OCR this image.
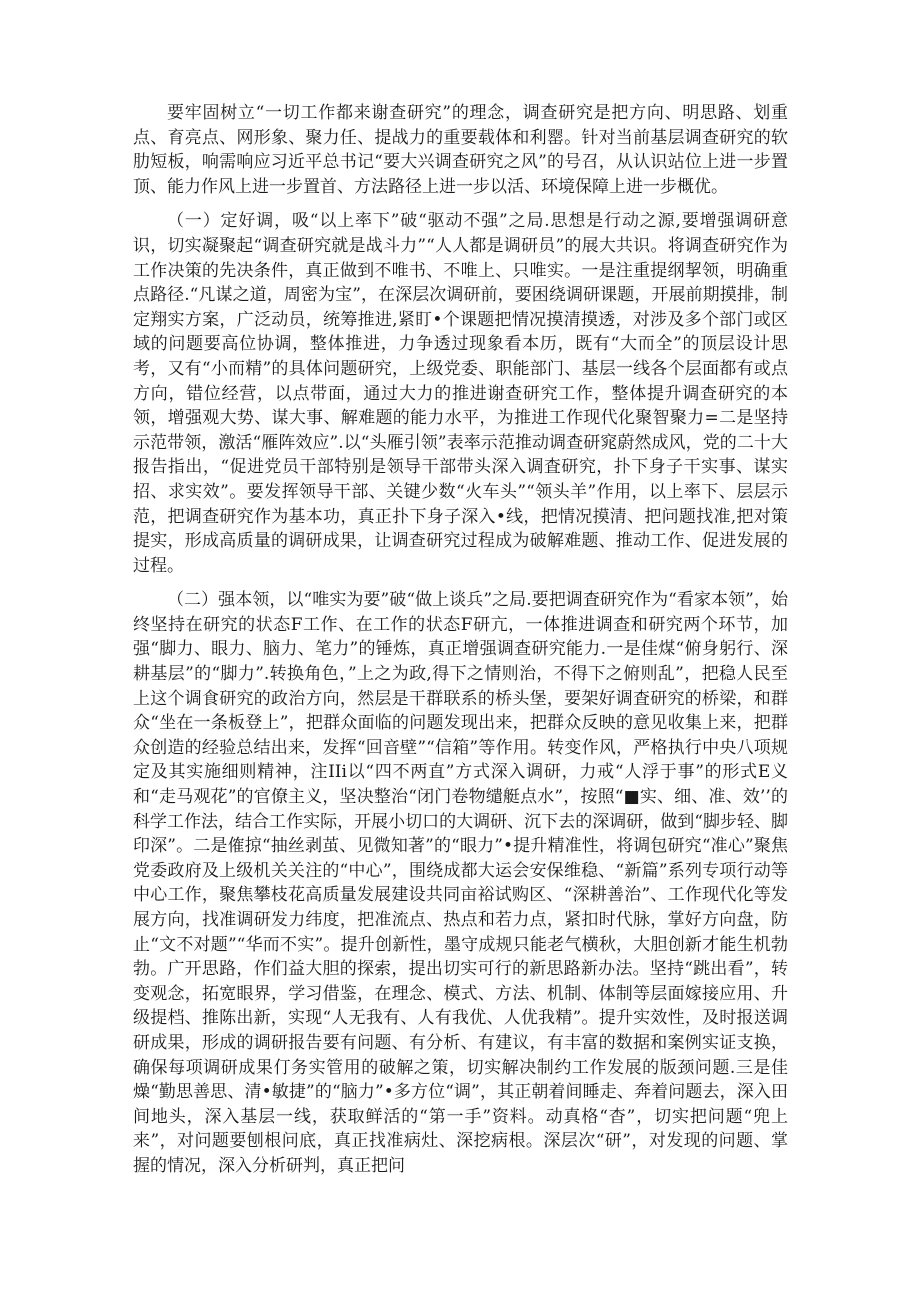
要牢固树立“一切工作都来谢查研究”的理念，调查研究是把方向、明思路、划重点、育亮点、网形象、聚力任、提战力的重要载体和利罂。针对当前基层调查研究的软肋短板，响需响应习近平总书记“要大兴调查研究之风”的号召，从认识站位上进一步置顶、能力作风上进一步置首、方法路径上进一步以活、环境保障上进一步概优。

（一）定好调，吸“以上率下”破“驱动不强”之局.思想是行动之源,要增强调研意识，切实凝聚起“调查研究就是战斗力”“人人都是调研员”的展大共识。将调查研究作为工作决策的先决条件，真正做到不唯书、不唯上、只唯实。一是注重提纲挈领，明确重点路径.“凡谋之道，周密为宝”，在深层次调研前，要困绕调研课题，开展前期摸排，制定翔实方案，广泛动员，统筹推进,紧盯•个课题把情况摸清摸透，对涉及多个部门或区域的问题要高位协调，整体推进，力争透过现象看本历，既有“大而全”的顶层设计思考，又有“小而精”的具体问题研究，上级党委、职能部门、基层一线各个层面都有或点方向，错位经营，以点带面，通过大力的推进谢查研究工作，整体提升调查研究的本领，增强观大势、谋大事、解难题的能力水平，为推进工作现代化聚智聚力=二是坚持示范带领，激活“雁阵效应”.以“头雁引领”表率示范推动调查研窕蔚然成风，党的二十大报告指出，“促进党员干部特别是领导干部带头深入调査研究，扑下身子干实事、谋实招、求实效”。要发挥领导干部、关键少数“火车头”“领头羊”作用，以上率下、层层示范，把调查研究作为基本功，真正扑下身子深入•线，把情况摸清、把问题找准,把对策提实，形成高质量的调研成果，让调查研究过程成为破解难题、推动工作、促进发展的过程。

（二）强本领，以“唯实为要”破“做上谈兵”之局.要把调査研究作为“看家本领”，始终坚持在研究的状态F工作、在工作的状态F研亢，一体推进调查和研究两个环节，加强“脚力、眼力、脑力、笔力”的锤炼，真正增强调查研究能力.一是佳煤“俯身躬行、深耕基层”的“脚力”.转换角色，”上之为政,得下之情则治，不得下之俯则乱”，把稳人民至上这个调食研究的政治方向，然层是干群联系的桥头堡，要架好调査研究的桥梁，和群众“坐在一条板登上”，把群众面临的问题发现出来，把群众反映的意见收集上来，把群众创造的经验总结出来，发挥“回音壁”“信箱”等作用。转变作风，严格执行中央八项规定及其实施细则精神，注IIi以“四不两直”方式深入调研，力戒“人浮于事”的形式E义和“走马观花”的官僚主义，坚决整治“闭门卷物缱艇点水”，按照“■实、细、准、效’’的科学工作法，结合工作实际，开展小切口的大调研、沉下去的深调研，做到“脚步轻、脚印深”。二是傕掠“抽丝剥茧、见微知著”的“眼力”•提升精准性，将调包研究“准心”聚焦党委政府及上级机关关注的“中心”，围绕成都大运会安保维稳、“新篇”系列专项行动等中心工作，聚焦攀枝花高质量发展建设共同亩裕试购区、“深耕善治”、工作现代化等发展方向，找准调研发力纬度，把准流点、热点和若力点，紧扣时代脉，掌好方向盘，防止“文不对题”“华而不实”。提升创新性，墨守成规只能老气横秋，大胆创新才能生机勃勃。广开思路，作们益大胆的探索，提出切实可行的新思路新办法。坚持“跳出看”，转变观念，拓宽眼界，学习借鉴，在理念、模式、方法、机制、体制等层面嫁接应用、升级提档、推陈出新，实现“人无我有、人有我优、人优我精”。提升实效性，及时报送调研成果，形成的调研报告要有问题、有分析、有建议，有丰富的数据和案例实证支换，确保每项调研成果仃务实管用的破解之策，切实解决制约工作发展的版颈问题.三是佳燥“勤思善思、清•敏捷”的“脑力”•多方位“调”，其正朝着间睡走、奔着问题去，深入田间地头，深入基层一线，获取鲜活的“第一手”资料。动真格“杳”，切实把问题“兜上来”，对问题要刨根问底，真正找准病灶、深挖病根。深层次“研”，对发现的问题、掌握的情况，深入分析研判，真正把问
